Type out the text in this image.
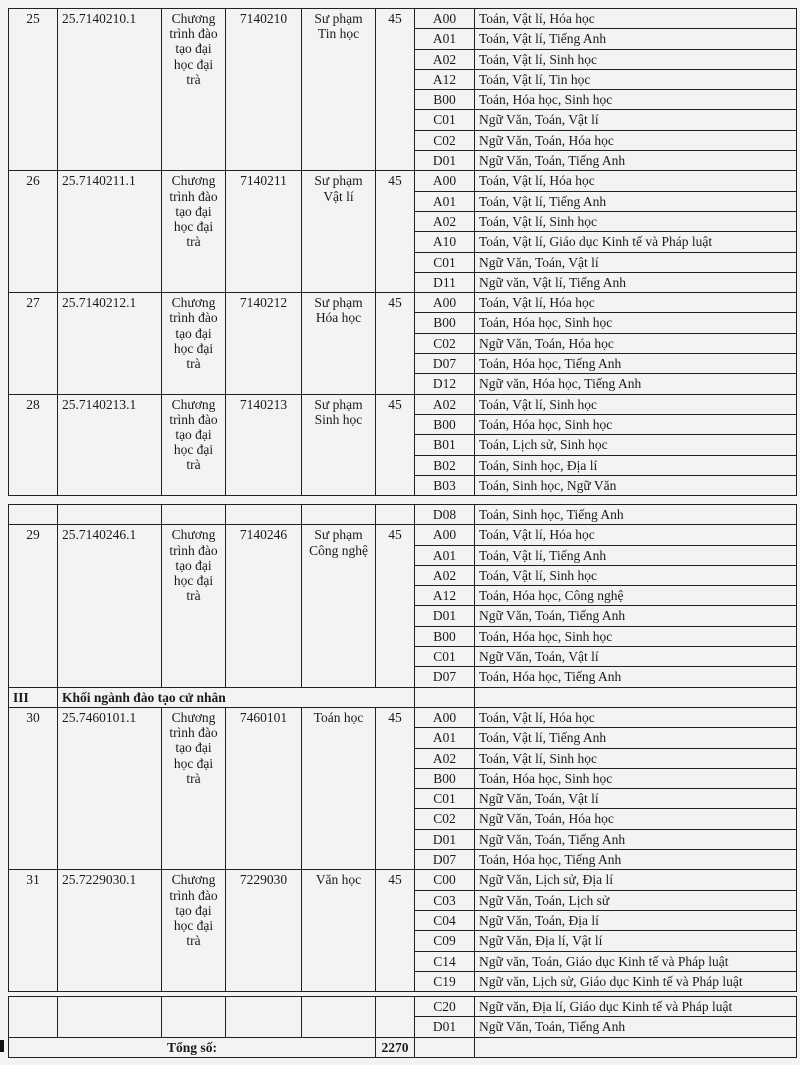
25	25.7140210.1	Chương trình đào tạo đại học đại trà	7140210	Sư phạm Tin học	45	A00	Toán, Vật lí, Hóa học
						A01	Toán, Vật lí, Tiếng Anh
						A02	Toán, Vật lí, Sinh học
						A12	Toán, Vật lí, Tin học
						B00	Toán, Hóa học, Sinh học
						C01	Ngữ Văn, Toán, Vật lí
						C02	Ngữ Văn, Toán, Hóa học
						D01	Ngữ Văn, Toán, Tiếng Anh
26	25.7140211.1	Chương trình đào tạo đại học đại trà	7140211	Sư phạm Vật lí	45	A00	Toán, Vật lí, Hóa học
						A01	Toán, Vật lí, Tiếng Anh
						A02	Toán, Vật lí, Sinh học
						A10	Toán, Vật lí, Giáo dục Kinh tế và Pháp luật
						C01	Ngữ Văn, Toán, Vật lí
						D11	Ngữ văn, Vật lí, Tiếng Anh
27	25.7140212.1	Chương trình đào tạo đại học đại trà	7140212	Sư phạm Hóa học	45	A00	Toán, Vật lí, Hóa học
						B00	Toán, Hóa học, Sinh học
						C02	Ngữ Văn, Toán, Hóa học
						D07	Toán, Hóa học, Tiếng Anh
						D12	Ngữ văn, Hóa học, Tiếng Anh
28	25.7140213.1	Chương trình đào tạo đại học đại trà	7140213	Sư phạm Sinh học	45	A02	Toán, Vật lí, Sinh học
						B00	Toán, Hóa học, Sinh học
						B01	Toán, Lịch sử, Sinh học
						B02	Toán, Sinh học, Địa lí
						B03	Toán, Sinh học, Ngữ Văn
						D08	Toán, Sinh học, Tiếng Anh
29	25.7140246.1	Chương trình đào tạo đại học đại trà	7140246	Sư phạm Công nghệ	45	A00	Toán, Vật lí, Hóa học
						A01	Toán, Vật lí, Tiếng Anh
						A02	Toán, Vật lí, Sinh học
						A12	Toán, Hóa học, Công nghệ
						D01	Ngữ Văn, Toán, Tiếng Anh
						B00	Toán, Hóa học, Sinh học
						C01	Ngữ Văn, Toán, Vật lí
						D07	Toán, Hóa học, Tiếng Anh
III	Khối ngành đào tạo cử nhân						
30	25.7460101.1	Chương trình đào tạo đại học đại trà	7460101	Toán học	45	A00	Toán, Vật lí, Hóa học
						A01	Toán, Vật lí, Tiếng Anh
						A02	Toán, Vật lí, Sinh học
						B00	Toán, Hóa học, Sinh học
						C01	Ngữ Văn, Toán, Vật lí
						C02	Ngữ Văn, Toán, Hóa học
						D01	Ngữ Văn, Toán, Tiếng Anh
						D07	Toán, Hóa học, Tiếng Anh
31	25.7229030.1	Chương trình đào tạo đại học đại trà	7229030	Văn học	45	C00	Ngữ Văn, Lịch sử, Địa lí
						C03	Ngữ Văn, Toán, Lịch sử
						C04	Ngữ Văn, Toán, Địa lí
						C09	Ngữ Văn, Địa lí, Vật lí
						C14	Ngữ văn, Toán, Giáo dục Kinh tế và Pháp luật
						C19	Ngữ văn, Lịch sử, Giáo dục Kinh tế và Pháp luật
						C20	Ngữ văn, Địa lí, Giáo dục Kinh tế và Pháp luật
						D01	Ngữ Văn, Toán, Tiếng Anh
Tổng số:					2270		
